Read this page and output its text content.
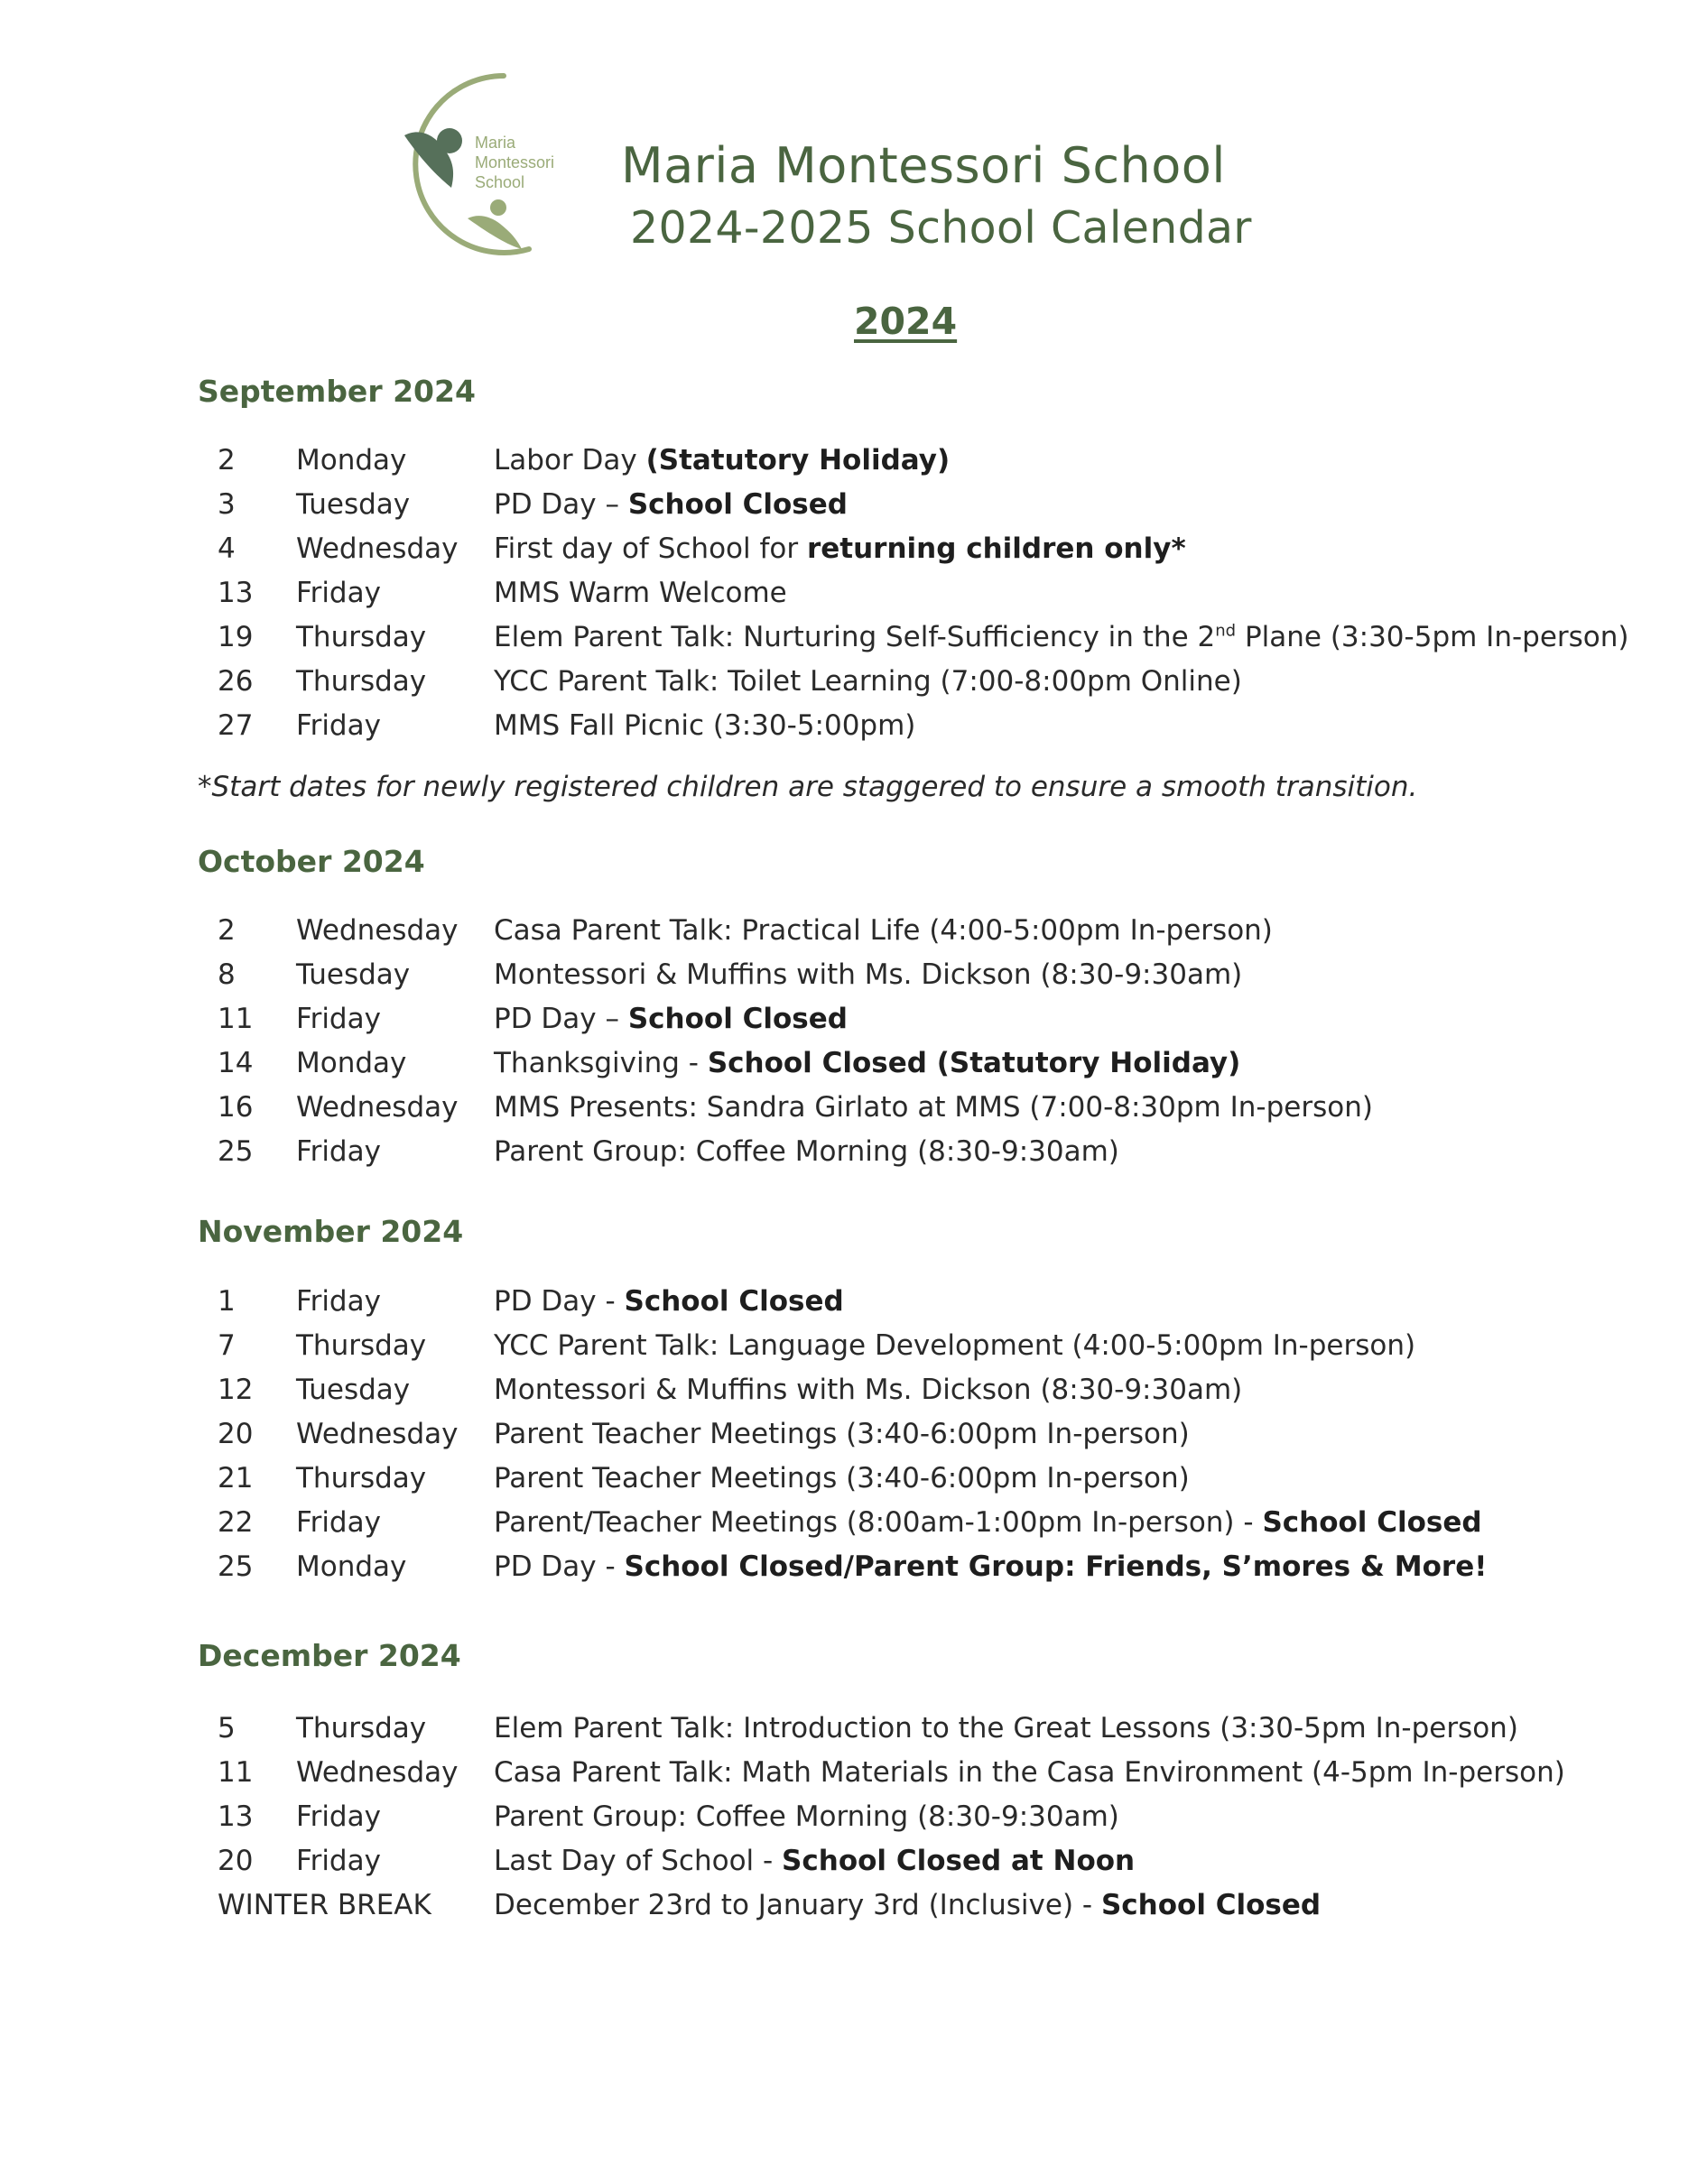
Maria
Montessori
School Maria Montessori School
2024-2025 School Calendar
2024
September 2024
2 Monday	Labor Day (Statutory Holiday)
3 Tuesday	PD Day – School Closed
4 Wednesday First day of School for returning children only*
13 Friday	MMS Warm Welcome
19 Thursday Elem Parent Talk: Nurturing Self-Sufficiency in the 2nd Plane (3:30-5pm In-person)
26 Thursday YCC Parent Talk: Toilet Learning (7:00-8:00pm Online)
27 Friday	MMS Fall Picnic (3:30-5:00pm)
*Start dates for newly registered children are staggered to ensure a smooth transition.
October 2024
2 Wednesday Casa Parent Talk: Practical Life (4:00-5:00pm In-person)
8 Tuesday	Montessori & Muffins with Ms. Dickson (8:30-9:30am)
11 Friday	PD Day – School Closed
14 Monday	Thanksgiving - School Closed (Statutory Holiday)
16 Wednesday MMS Presents: Sandra Girlato at MMS (7:00-8:30pm In-person)
25 Friday	Parent Group: Coffee Morning (8:30-9:30am)
November 2024
1 Friday	PD Day - School Closed
7 Thursday YCC Parent Talk: Language Development (4:00-5:00pm In-person)
12 Tuesday	Montessori & Muffins with Ms. Dickson (8:30-9:30am)
20 Wednesday Parent Teacher Meetings (3:40-6:00pm In-person)
21 Thursday Parent Teacher Meetings (3:40-6:00pm In-person)
22 Friday	Parent/Teacher Meetings (8:00am-1:00pm In-person) - School Closed
25 Monday	PD Day - School Closed/Parent Group: Friends, S’mores & More!
December 2024
5 Thursday Elem Parent Talk: Introduction to the Great Lessons (3:30-5pm In-person)
11 Wednesday Casa Parent Talk: Math Materials in the Casa Environment (4-5pm In-person)
13 Friday	Parent Group: Coffee Morning (8:30-9:30am)
20 Friday	Last Day of School - School Closed at Noon
WINTER BREAK December 23rd to January 3rd (Inclusive) - School Closed
